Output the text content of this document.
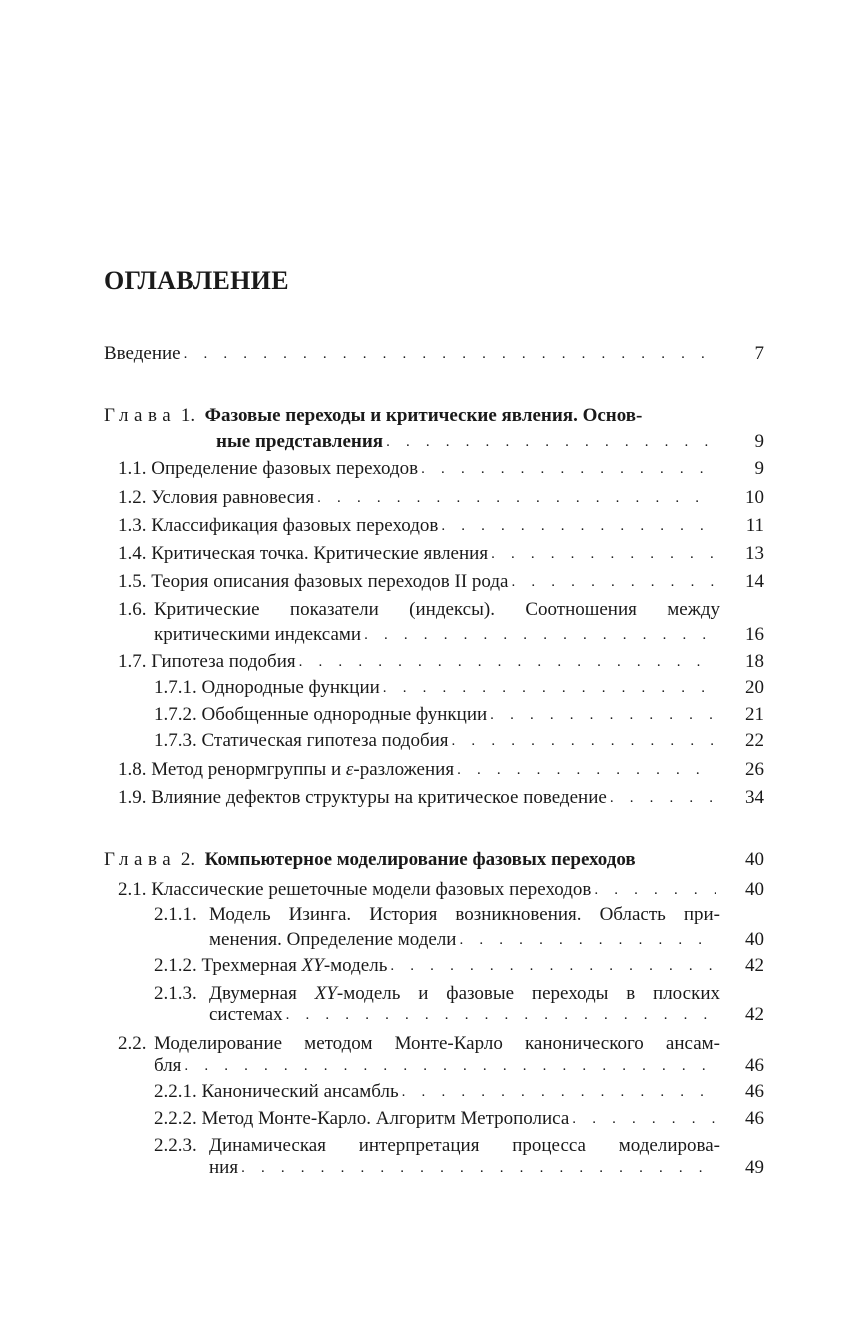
ОГЛАВЛЕНИЕ
Введение . . .	7
Глава 1. Фазовые переходы и критические явления. Основ-
ные представления . . .	9
1.1. Определение фазовых переходов . . .	9
1.2. Условия равновесия . . .	10
1.3. Классификация фазовых переходов . . .	11
1.4. Критическая точка. Критические явления . . .	13
1.5. Теория описания фазовых переходов II рода . . .	14
1.6. Критические показатели (индексы). Соотношения между
критическими индексами . . .	16
1.7. Гипотеза подобия . . .	18
1.7.1. Однородные функции . . .	20
1.7.2. Обобщенные однородные функции . . .	21
1.7.3. Статическая гипотеза подобия . . .	22
1.8. Метод ренормгруппы и ε-разложения . . .	26
1.9. Влияние дефектов структуры на критическое поведение . . .	34
Глава 2. Компьютерное моделирование фазовых переходов	40
2.1. Классические решеточные модели фазовых переходов . . .	40
2.1.1. Модель Изинга. История возникновения. Область при-
менения. Определение модели . . .	40
2.1.2. Трехмерная XY-модель . . .	42
2.1.3. Двумерная XY-модель и фазовые переходы в плоских
системах . . .	42
2.2. Моделирование методом Монте-Карло канонического ансам-
бля . . .	46
2.2.1. Канонический ансамбль . . .	46
2.2.2. Метод Монте-Карло. Алгоритм Метрополиса . . .	46
2.2.3. Динамическая интерпретация процесса моделирова-
ния . . .	49
